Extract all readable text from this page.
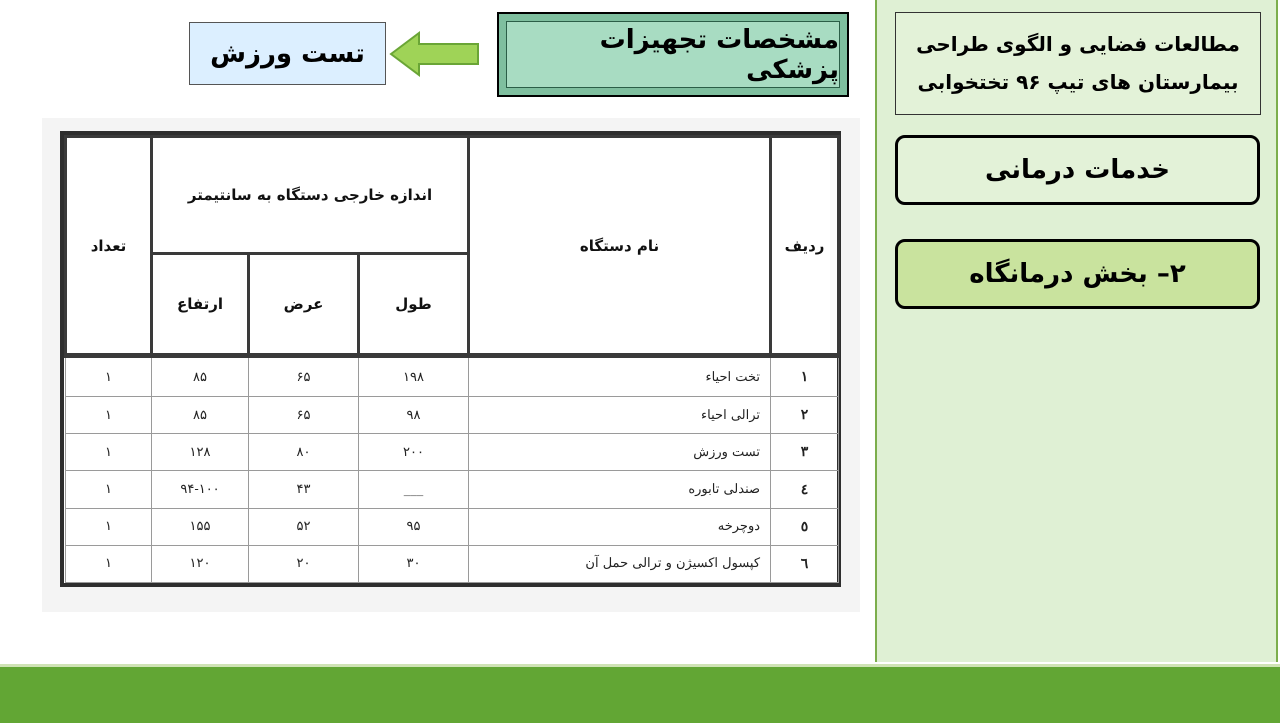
مطالعات فضایی و الگوی طراحی
بیمارستان های تیپ ۹۶ تختخوابی
خدمات درمانی
۲– بخش درمانگاه
مشخصات تجهیزات پزشکی
تست ورزش
ردیف	نام دستگاه	اندازه خارجی دستگاه به سانتیمتر			تعداد
		طول	عرض	ارتفاع	
۱	تخت احیاء	۱۹۸	۶۵	۸۵	۱
۲	ترالی احیاء	۹۸	۶۵	۸۵	۱
۳	تست ورزش	۲۰۰	۸۰	۱۲۸	۱
٤	صندلی تابوره	___	۴۳	۹۴-۱۰۰	۱
٥	دوچرخه	۹۵	۵۲	۱۵۵	۱
٦	کپسول اکسیژن و ترالی حمل آن	۳۰	۲۰	۱۲۰	۱
